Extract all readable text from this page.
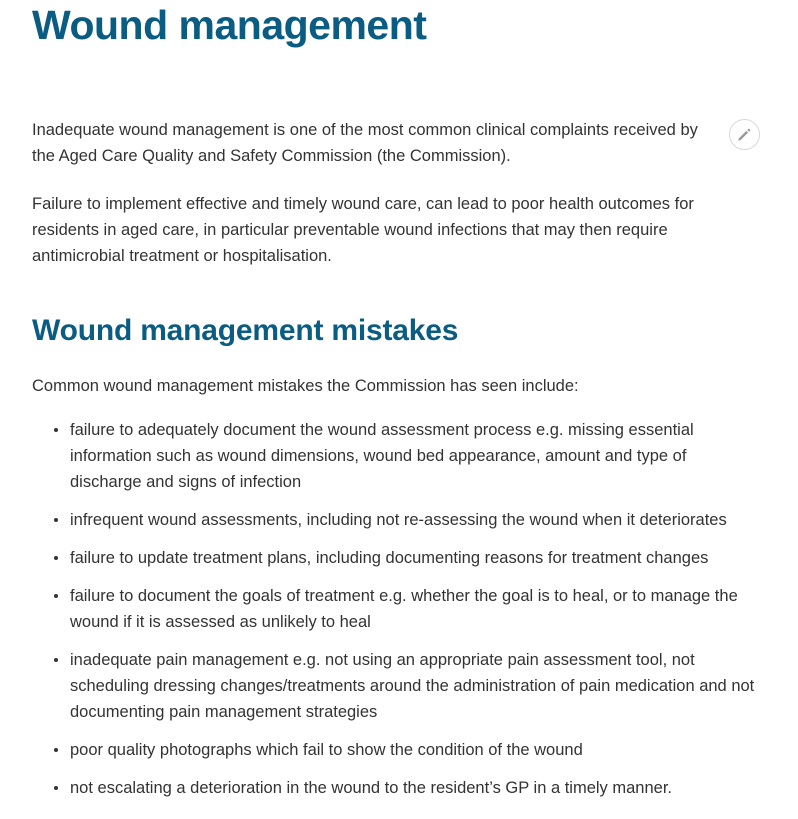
Wound management

Inadequate wound management is one of the most common clinical complaints received by the Aged Care Quality and Safety Commission (the Commission).

Failure to implement effective and timely wound care, can lead to poor health outcomes for residents in aged care, in particular preventable wound infections that may then require antimicrobial treatment or hospitalisation.

Wound management mistakes

Common wound management mistakes the Commission has seen include:

failure to adequately document the wound assessment process e.g. missing essential information such as wound dimensions, wound bed appearance, amount and type of discharge and signs of infection
infrequent wound assessments, including not re-assessing the wound when it deteriorates
failure to update treatment plans, including documenting reasons for treatment changes
failure to document the goals of treatment e.g. whether the goal is to heal, or to manage the wound if it is assessed as unlikely to heal
inadequate pain management e.g. not using an appropriate pain assessment tool, not scheduling dressing changes/treatments around the administration of pain medication and not documenting pain management strategies
poor quality photographs which fail to show the condition of the wound
not escalating a deterioration in the wound to the resident’s GP in a timely manner.
